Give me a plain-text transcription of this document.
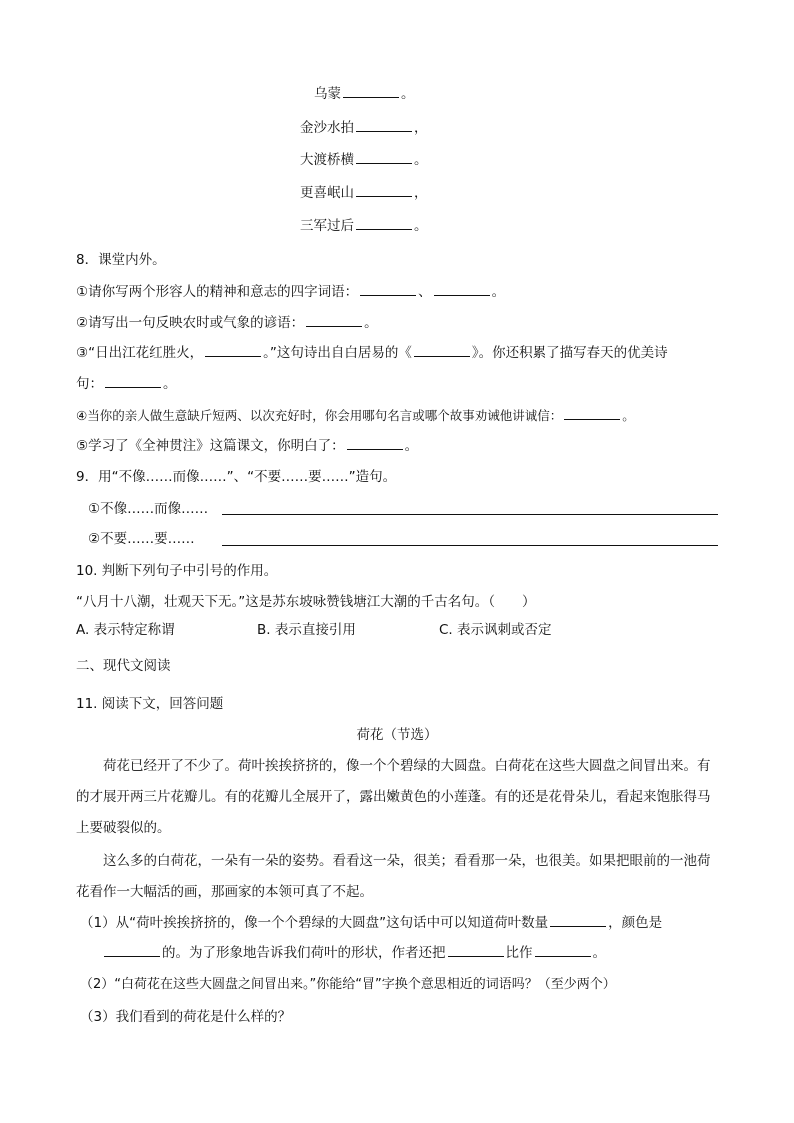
乌蒙	。
金沙水拍	，
大渡桥横	。
更喜岷山	，
三军过后	。
8．课堂内外。
①请你写两个形容人的精神和意志的四字词语：	、	。
②请写出一句反映农时或气象的谚语：	。
③“日出江花红胜火，	。”这句诗出自白居易的《	》。你还积累了描写春天的优美诗
句：	。
④当你的亲人做生意缺斤短两、以次充好时，你会用哪句名言或哪个故事劝诫他讲诚信：	。
⑤学习了《全神贯注》这篇课文，你明白了：	。
9．用“不像……而像……”、“不要……要……”造句。
①不像……而像……
②不要……要……
10. 判断下列句子中引号的作用。
“八月十八潮，壮观天下无。”这是苏东坡咏赞钱塘江大潮的千古名句。（　　）
A. 表示特定称谓	B. 表示直接引用	C. 表示讽刺或否定
二、现代文阅读
11. 阅读下文，回答问题
荷花（节选）
荷花已经开了不少了。荷叶挨挨挤挤的，像一个个碧绿的大圆盘。白荷花在这些大圆盘之间冒出来。有的才展开两三片花瓣儿。有的花瓣儿全展开了，露出嫩黄色的小莲蓬。有的还是花骨朵儿，看起来饱胀得马上要破裂似的。
这么多的白荷花，一朵有一朵的姿势。看看这一朵，很美；看看那一朵，也很美。如果把眼前的一池荷花看作一大幅活的画，那画家的本领可真了不起。
（1）从“荷叶挨挨挤挤的，像一个个碧绿的大圆盘”这句话中可以知道荷叶数量	，颜色是
的。为了形象地告诉我们荷叶的形状，作者还把	比作	。
（2）“白荷花在这些大圆盘之间冒出来。”你能给“冒”字换个意思相近的词语吗？（至少两个）
（3）我们看到的荷花是什么样的？
